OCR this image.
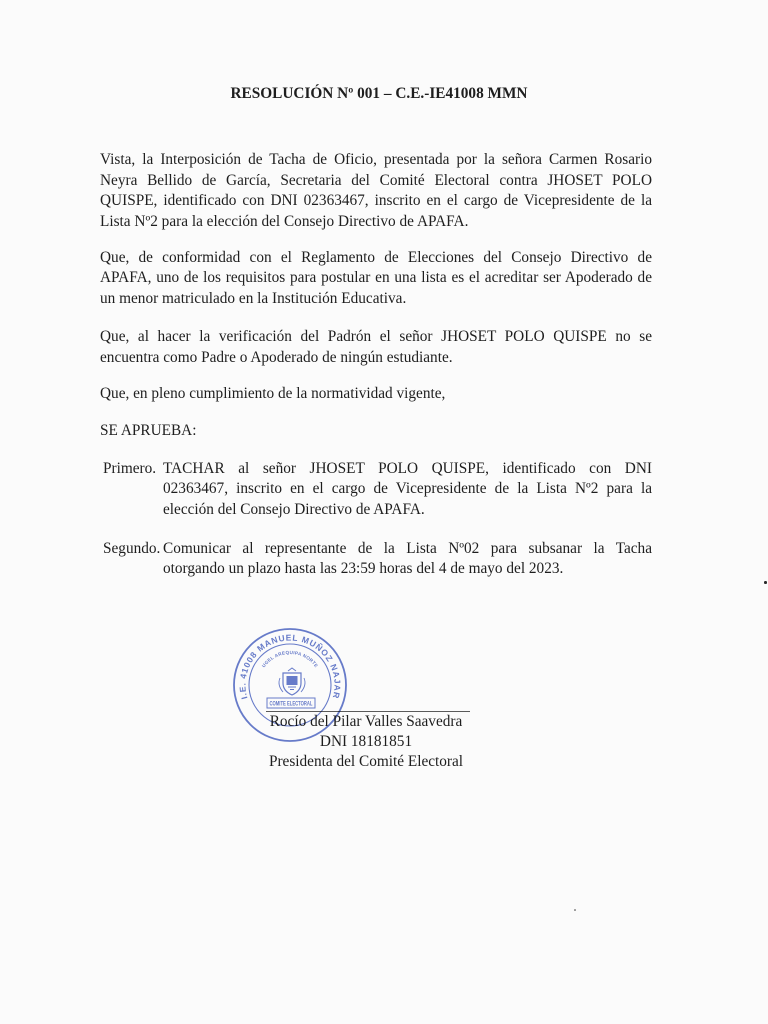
RESOLUCIÓN Nº 001 – C.E.-IE41008 MMN
Vista, la Interposición de Tacha de Oficio, presentada por la señora Carmen Rosario
Neyra Bellido de García, Secretaria del Comité Electoral contra JHOSET POLO
QUISPE, identificado con DNI 02363467, inscrito en el cargo de Vicepresidente de la
Lista Nº2 para la elección del Consejo Directivo de APAFA.
Que, de conformidad con el Reglamento de Elecciones del Consejo Directivo de
APAFA, uno de los requisitos para postular en una lista es el acreditar ser Apoderado de
un menor matriculado en la Institución Educativa.
Que, al hacer la verificación del Padrón el señor JHOSET POLO QUISPE no se
encuentra como Padre o Apoderado de ningún estudiante.
Que, en pleno cumplimiento de la normatividad vigente,
SE APRUEBA:
Primero. TACHAR al señor JHOSET POLO QUISPE, identificado con DNI
02363467, inscrito en el cargo de Vicepresidente de la Lista Nº2 para la
elección del Consejo Directivo de APAFA.
Segundo. Comunicar al representante de la Lista Nº02 para subsanar la Tacha
otorgando un plazo hasta las 23:59 horas del 4 de mayo del 2023.
Rocío del Pilar Valles Saavedra
DNI 18181851
Presidenta del Comité Electoral
I.E. 41008 MANUEL MUÑOZ NAJAR
UGEL AREQUIPA NORTE
COMITE ELECTORAL
